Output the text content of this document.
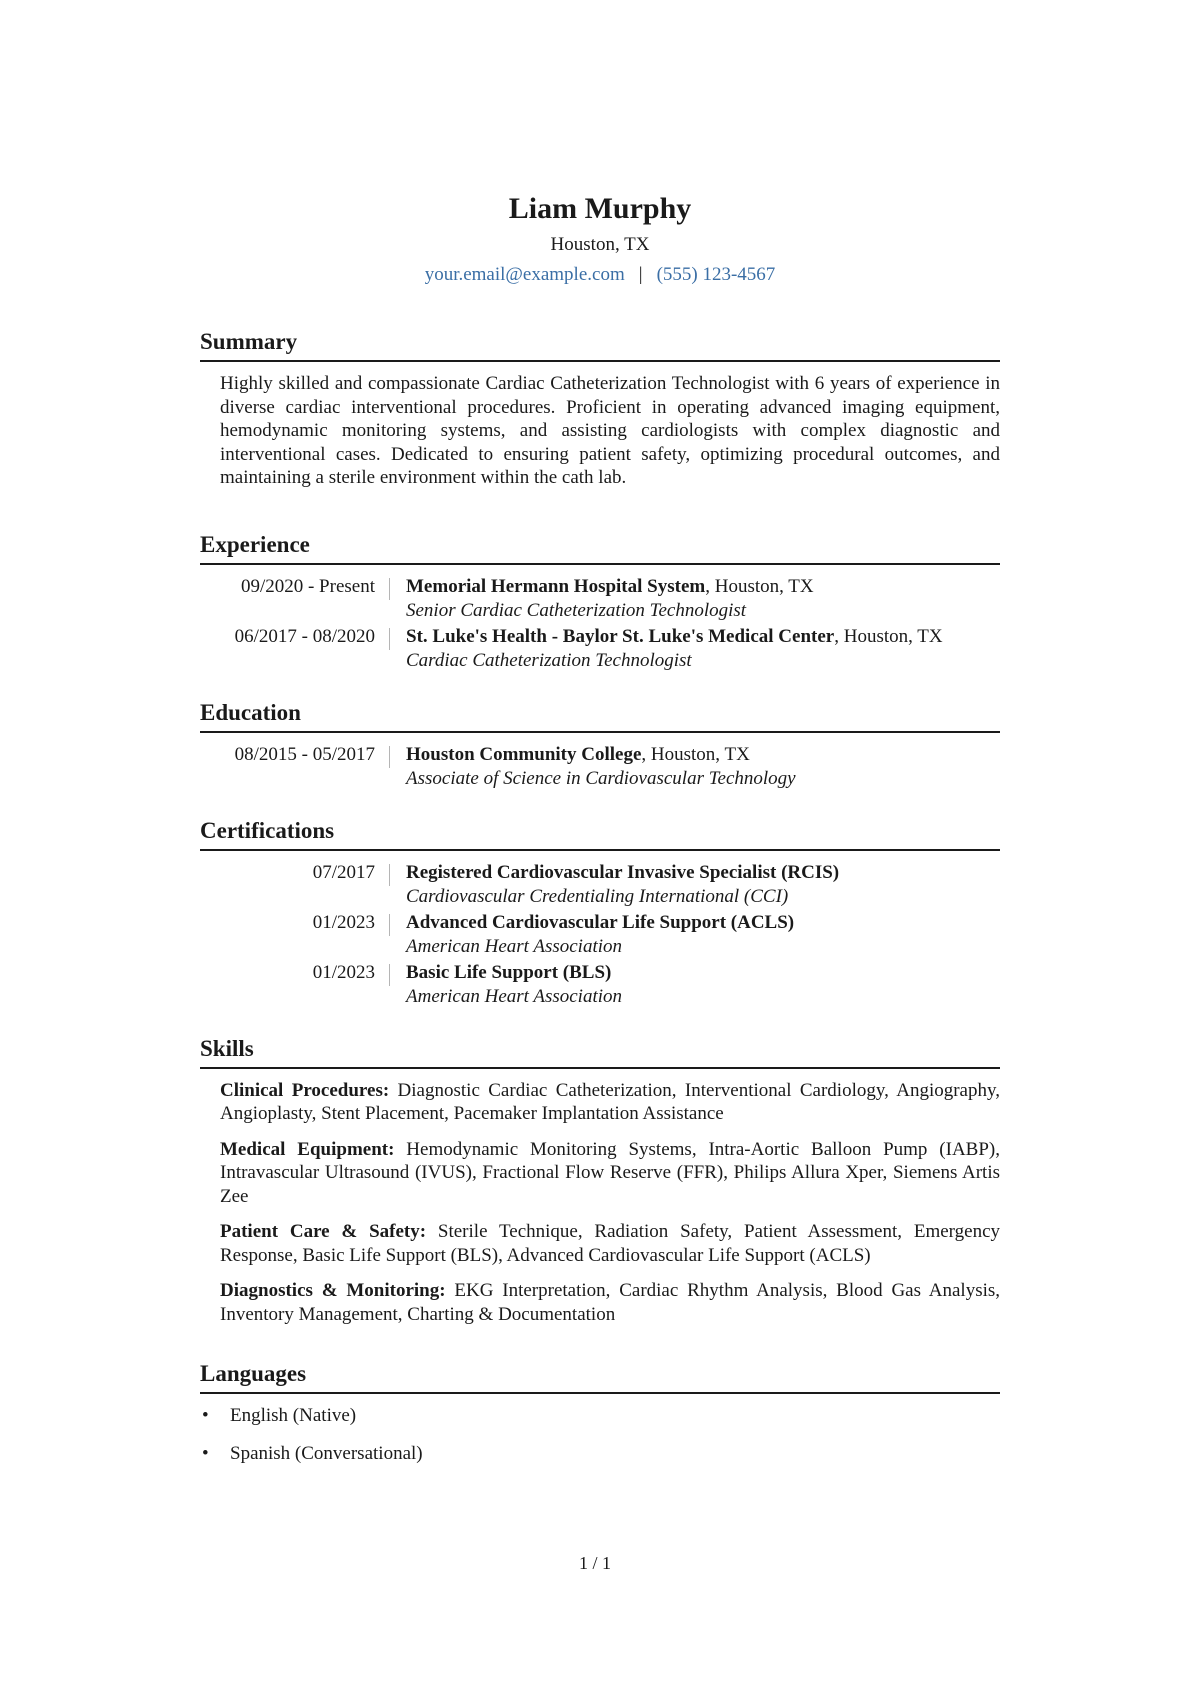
Liam Murphy
Houston, TX
your.email@example.com | (555) 123-4567
Summary
Highly skilled and compassionate Cardiac Catheterization Technologist with 6 years of experience in diverse cardiac interventional procedures. Proficient in operating advanced imaging equipment, hemodynamic monitoring systems, and assisting cardiologists with complex diagnostic and interventional cases. Dedicated to ensuring patient safety, optimizing procedural outcomes, and maintaining a sterile environment within the cath lab.
Experience
09/2020 - Present	Memorial Hermann Hospital System, Houston, TX
Senior Cardiac Catheterization Technologist
06/2017 - 08/2020	St. Luke's Health - Baylor St. Luke's Medical Center, Houston, TX
Cardiac Catheterization Technologist
Education
08/2015 - 05/2017	Houston Community College, Houston, TX
Associate of Science in Cardiovascular Technology
Certifications
07/2017	Registered Cardiovascular Invasive Specialist (RCIS)
Cardiovascular Credentialing International (CCI)
01/2023	Advanced Cardiovascular Life Support (ACLS)
American Heart Association
01/2023	Basic Life Support (BLS)
American Heart Association
Skills
Clinical Procedures: Diagnostic Cardiac Catheterization, Interventional Cardiology, Angiography, Angioplasty, Stent Placement, Pacemaker Implantation Assistance
Medical Equipment: Hemodynamic Monitoring Systems, Intra-Aortic Balloon Pump (IABP), Intravascular Ultrasound (IVUS), Fractional Flow Reserve (FFR), Philips Allura Xper, Siemens Artis Zee
Patient Care & Safety: Sterile Technique, Radiation Safety, Patient Assessment, Emergency Response, Basic Life Support (BLS), Advanced Cardiovascular Life Support (ACLS)
Diagnostics & Monitoring: EKG Interpretation, Cardiac Rhythm Analysis, Blood Gas Analysis, Inventory Management, Charting & Documentation
Languages
• English (Native)
• Spanish (Conversational)
1 / 1
